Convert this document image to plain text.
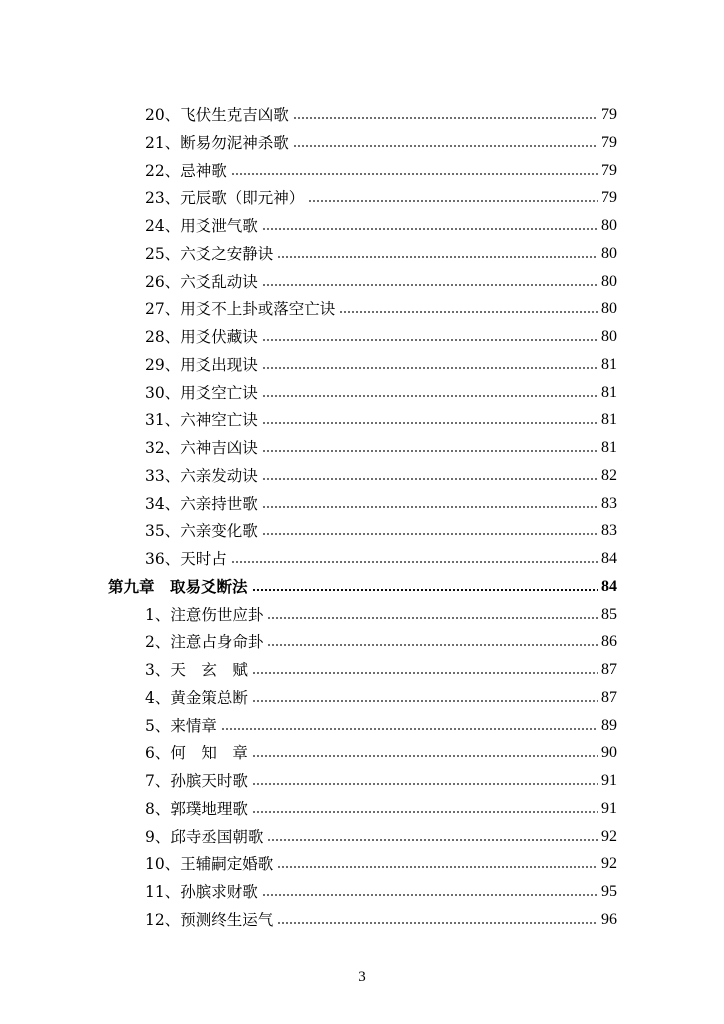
20、飞伏生克吉凶歌	79
21、断易勿泥神杀歌	79
22、忌神歌	79
23、元辰歌（即元神）	79
24、用爻泄气歌	80
25、六爻之安静诀	80
26、六爻乱动诀	80
27、用爻不上卦或落空亡诀	80
28、用爻伏藏诀	80
29、用爻出现诀	81
30、用爻空亡诀	81
31、六神空亡诀	81
32、六神吉凶诀	81
33、六亲发动诀	82
34、六亲持世歌	83
35、六亲变化歌	83
36、天时占	84
第九章　取易爻断法	84
1、注意伤世应卦	85
2、注意占身命卦	86
3、天　玄　赋	87
4、黄金策总断	87
5、来情章	89
6、何　知　章	90
7、孙膑天时歌	91
8、郭璞地理歌	91
9、邱寺丞国朝歌	92
10、王辅嗣定婚歌	92
11、孙膑求财歌	95
12、预测终生运气	96
3
